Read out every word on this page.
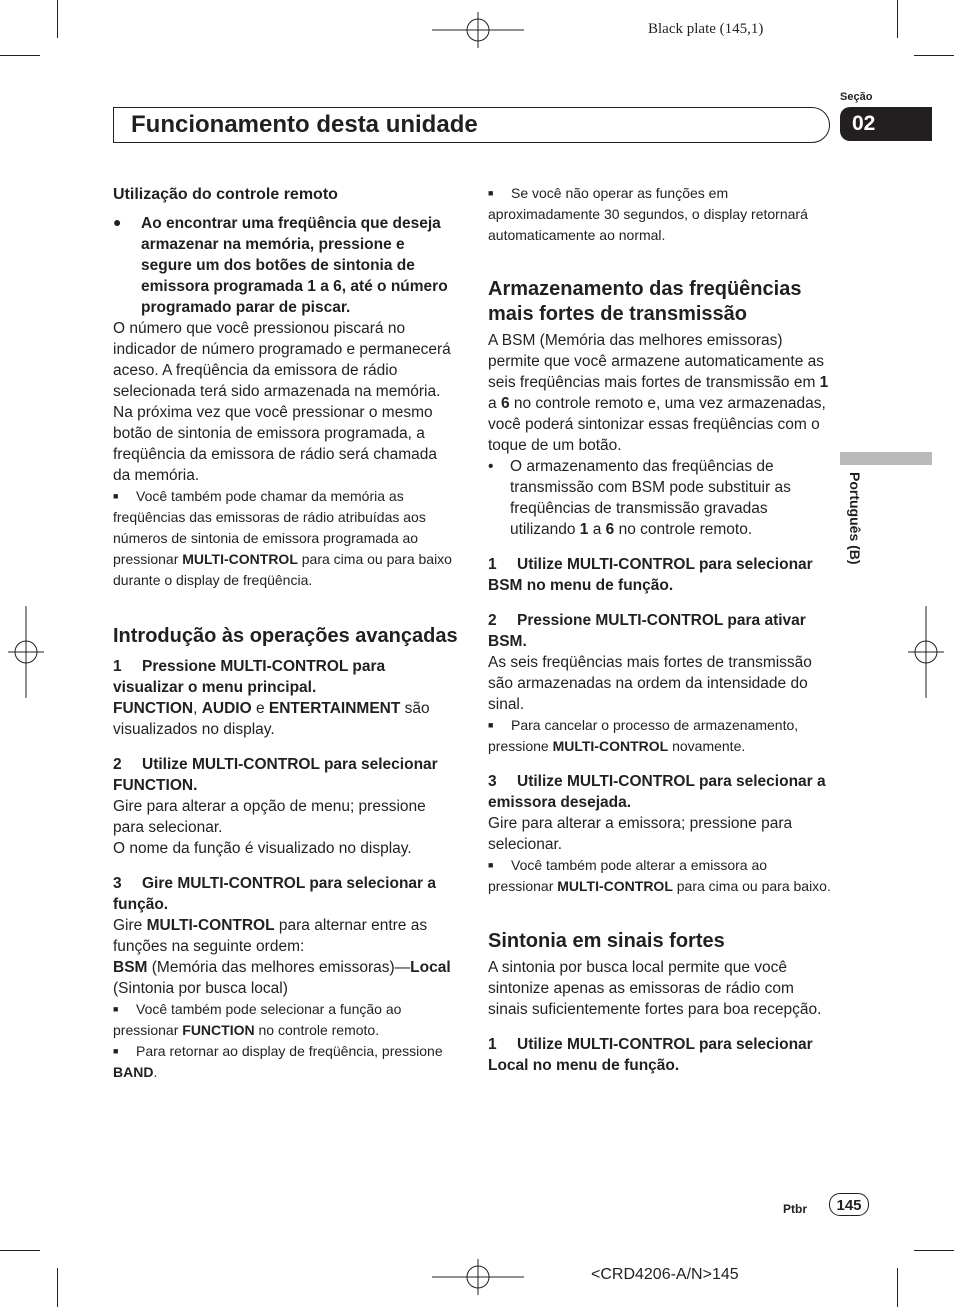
Black plate (145,1)
Seção
Funcionamento desta unidade	02

Utilização do controle remoto

● Ao encontrar uma freqüência que deseja armazenar na memória, pressione e segure um dos botões de sintonia de emissora programada 1 a 6, até o número programado parar de piscar.

O número que você pressionou piscará no indicador de número programado e permanecerá aceso. A freqüência da emissora de rádio selecionada terá sido armazenada na memória.

Na próxima vez que você pressionar o mesmo botão de sintonia de emissora programada, a freqüência da emissora de rádio será chamada da memória.

■ Você também pode chamar da memória as freqüências das emissoras de rádio atribuídas aos números de sintonia de emissora programada ao pressionar MULTI-CONTROL para cima ou para baixo durante o display de freqüência.

Introdução às operações avançadas

1 Pressione MULTI-CONTROL para visualizar o menu principal.

FUNCTION, AUDIO e ENTERTAINMENT são visualizados no display.

2 Utilize MULTI-CONTROL para selecionar FUNCTION.

Gire para alterar a opção de menu; pressione para selecionar.

O nome da função é visualizado no display.

3 Gire MULTI-CONTROL para selecionar a função.

Gire MULTI-CONTROL para alternar entre as funções na seguinte ordem:

BSM (Memória das melhores emissoras)—Local (Sintonia por busca local)

■ Você também pode selecionar a função ao pressionar FUNCTION no controle remoto.

■ Para retornar ao display de freqüência, pressione BAND.

■ Se você não operar as funções em aproximadamente 30 segundos, o display retornará automaticamente ao normal.

Armazenamento das freqüências mais fortes de transmissão

A BSM (Memória das melhores emissoras) permite que você armazene automaticamente as seis freqüências mais fortes de transmissão em 1 a 6 no controle remoto e, uma vez armazenadas, você poderá sintonizar essas freqüências com o toque de um botão.

• O armazenamento das freqüências de transmissão com BSM pode substituir as freqüências de transmissão gravadas utilizando 1 a 6 no controle remoto.

1 Utilize MULTI-CONTROL para selecionar BSM no menu de função.

2 Pressione MULTI-CONTROL para ativar BSM.

As seis freqüências mais fortes de transmissão são armazenadas na ordem da intensidade do sinal.

■ Para cancelar o processo de armazenamento, pressione MULTI-CONTROL novamente.

3 Utilize MULTI-CONTROL para selecionar a emissora desejada.

Gire para alterar a emissora; pressione para selecionar.

■ Você também pode alterar a emissora ao pressionar MULTI-CONTROL para cima ou para baixo.

Sintonia em sinais fortes

A sintonia por busca local permite que você sintonize apenas as emissoras de rádio com sinais suficientemente fortes para boa recepção.

1 Utilize MULTI-CONTROL para selecionar Local no menu de função.

Português (B)
Ptbr	145
<CRD4206-A/N>145
